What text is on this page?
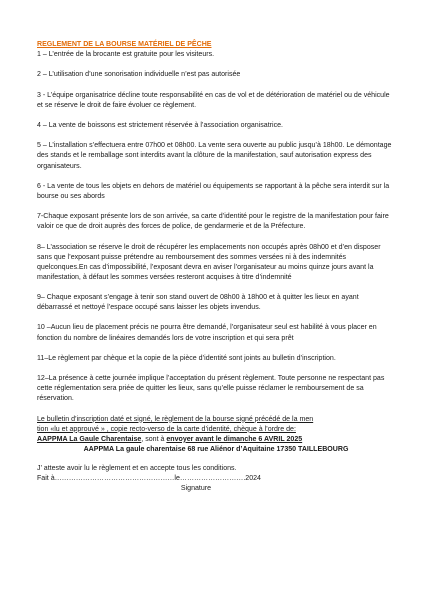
REGLEMENT DE LA BOURSE MATÉRIEL DE PÊCHE

1 – L’entrée de la brocante est gratuite pour les visiteurs.

2 – L’utilisation d’une sonorisation individuelle n’est pas autorisée

3 - L’équipe organisatrice décline toute responsabilité en cas de vol et de détérioration de matériel ou de véhicule et se réserve le droit de faire évoluer ce règlement.

4 – La vente de boissons est strictement réservée à l’association organisatrice.

5 – L’installation s’effectuera entre 07h00 et 08h00. La vente sera ouverte au public jusqu’à 18h00. Le démontage des stands et le remballage sont interdits avant la clôture de la manifestation, sauf autorisation express des organisateurs.

6 - La vente de tous les objets en dehors de matériel ou équipements se rapportant à la pêche sera interdit sur la bourse ou ses abords

7-Chaque exposant présente lors de son arrivée, sa carte d’identité pour le registre de la manifestation pour faire valoir ce que de droit auprès des forces de police, de gendarmerie et de la Préfecture.

8– L’association se réserve le droit de récupérer les emplacements non occupés après 08h00 et d’en disposer sans que l’exposant puisse prétendre au remboursement des sommes versées ni à des indemnités quelconques.En cas d’impossibilité, l’exposant devra en aviser l’organisateur au moins quinze jours avant la manifestation, à défaut les sommes versées resteront acquises à titre d’indemnité

9– Chaque exposant s’engage à tenir son stand ouvert de 08h00 à 18h00 et à quitter les lieux en ayant débarrassé et nettoyé l’espace occupé sans laisser les objets invendus.

10 –Aucun lieu de placement précis ne pourra être demandé, l’organisateur seul est habilité à vous placer en fonction du nombre de linéaires demandés lors de votre inscription et qui sera prêt

11–Le règlement par chèque et la copie de la pièce d’identité sont joints au bulletin d’inscription.

12–La présence à cette journée implique l’acceptation du présent règlement. Toute personne ne respectant pas cette réglementation sera priée de quitter les lieux, sans qu’elle puisse réclamer le remboursement de sa réservation.

Le bulletin d’inscription daté et signé, le règlement de la bourse signé précédé de la men
tion «lu et approuvé » , copie recto-verso de la carte d’identité, chèque à l’ordre de:
AAPPMA La Gaule Charentaise, sont à envoyer avant le dimanche 6 AVRIL 2025
AAPPMA La gaule charentaise 68 rue Aliénor d’Aquitaine 17350 TAILLEBOURG
J’ atteste avoir lu le règlement et en accepte tous les conditions.
Fait à……………………………………………le……………………….2024
Signature
